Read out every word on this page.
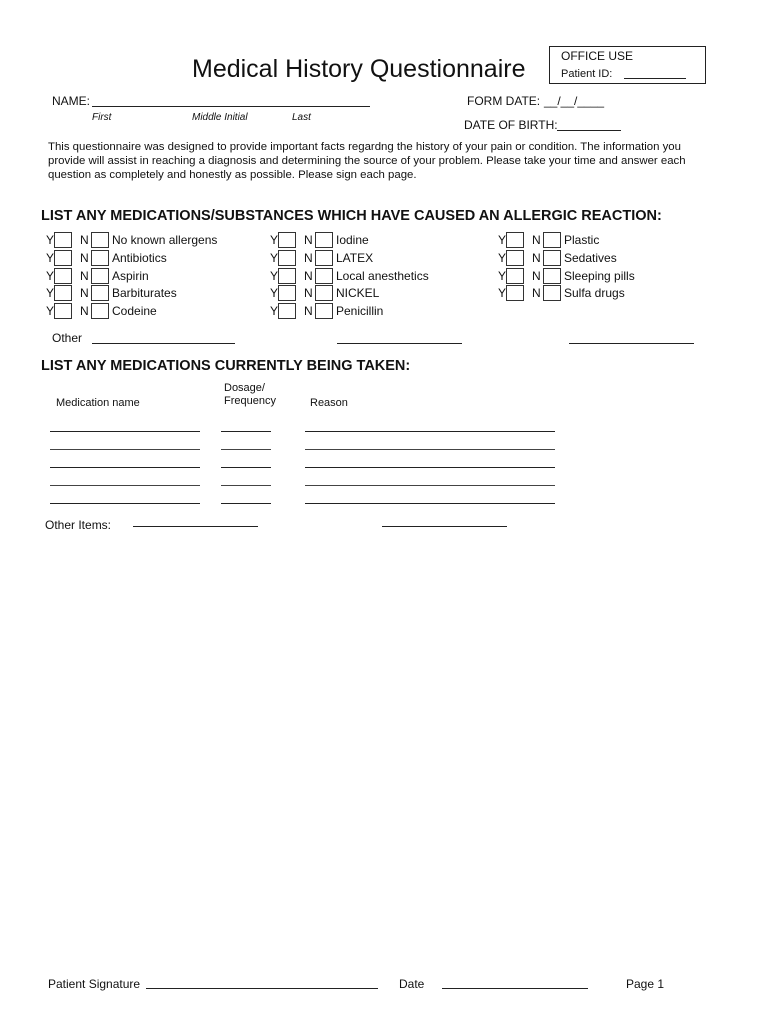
Medical History Questionnaire	OFFICE USE
Patient ID:
NAME:
First	Middle Initial	Last
FORM DATE: __/__/____
DATE OF BIRTH:
This questionnaire was designed to provide important facts regardng the history of your pain or condition. The information you provide will assist in reaching a diagnosis and determining the source of your problem. Please take your time and answer each question as completely and honestly as possible. Please sign each page.
LIST ANY MEDICATIONS/SUBSTANCES WHICH HAVE CAUSED AN ALLERGIC REACTION:
Y N No known allergens
Y N Antibiotics
Y N Aspirin
Y N Barbiturates
Y N Codeine
Y N Iodine
Y N LATEX
Y N Local anesthetics
Y N NICKEL
Y N Penicillin
Y N Plastic
Y N Sedatives
Y N Sleeping pills
Y N Sulfa drugs
Other
LIST ANY MEDICATIONS CURRENTLY BEING TAKEN:
Medication name
Dosage/
Frequency	Reason
Other Items:
Patient Signature	Date	Page 1
